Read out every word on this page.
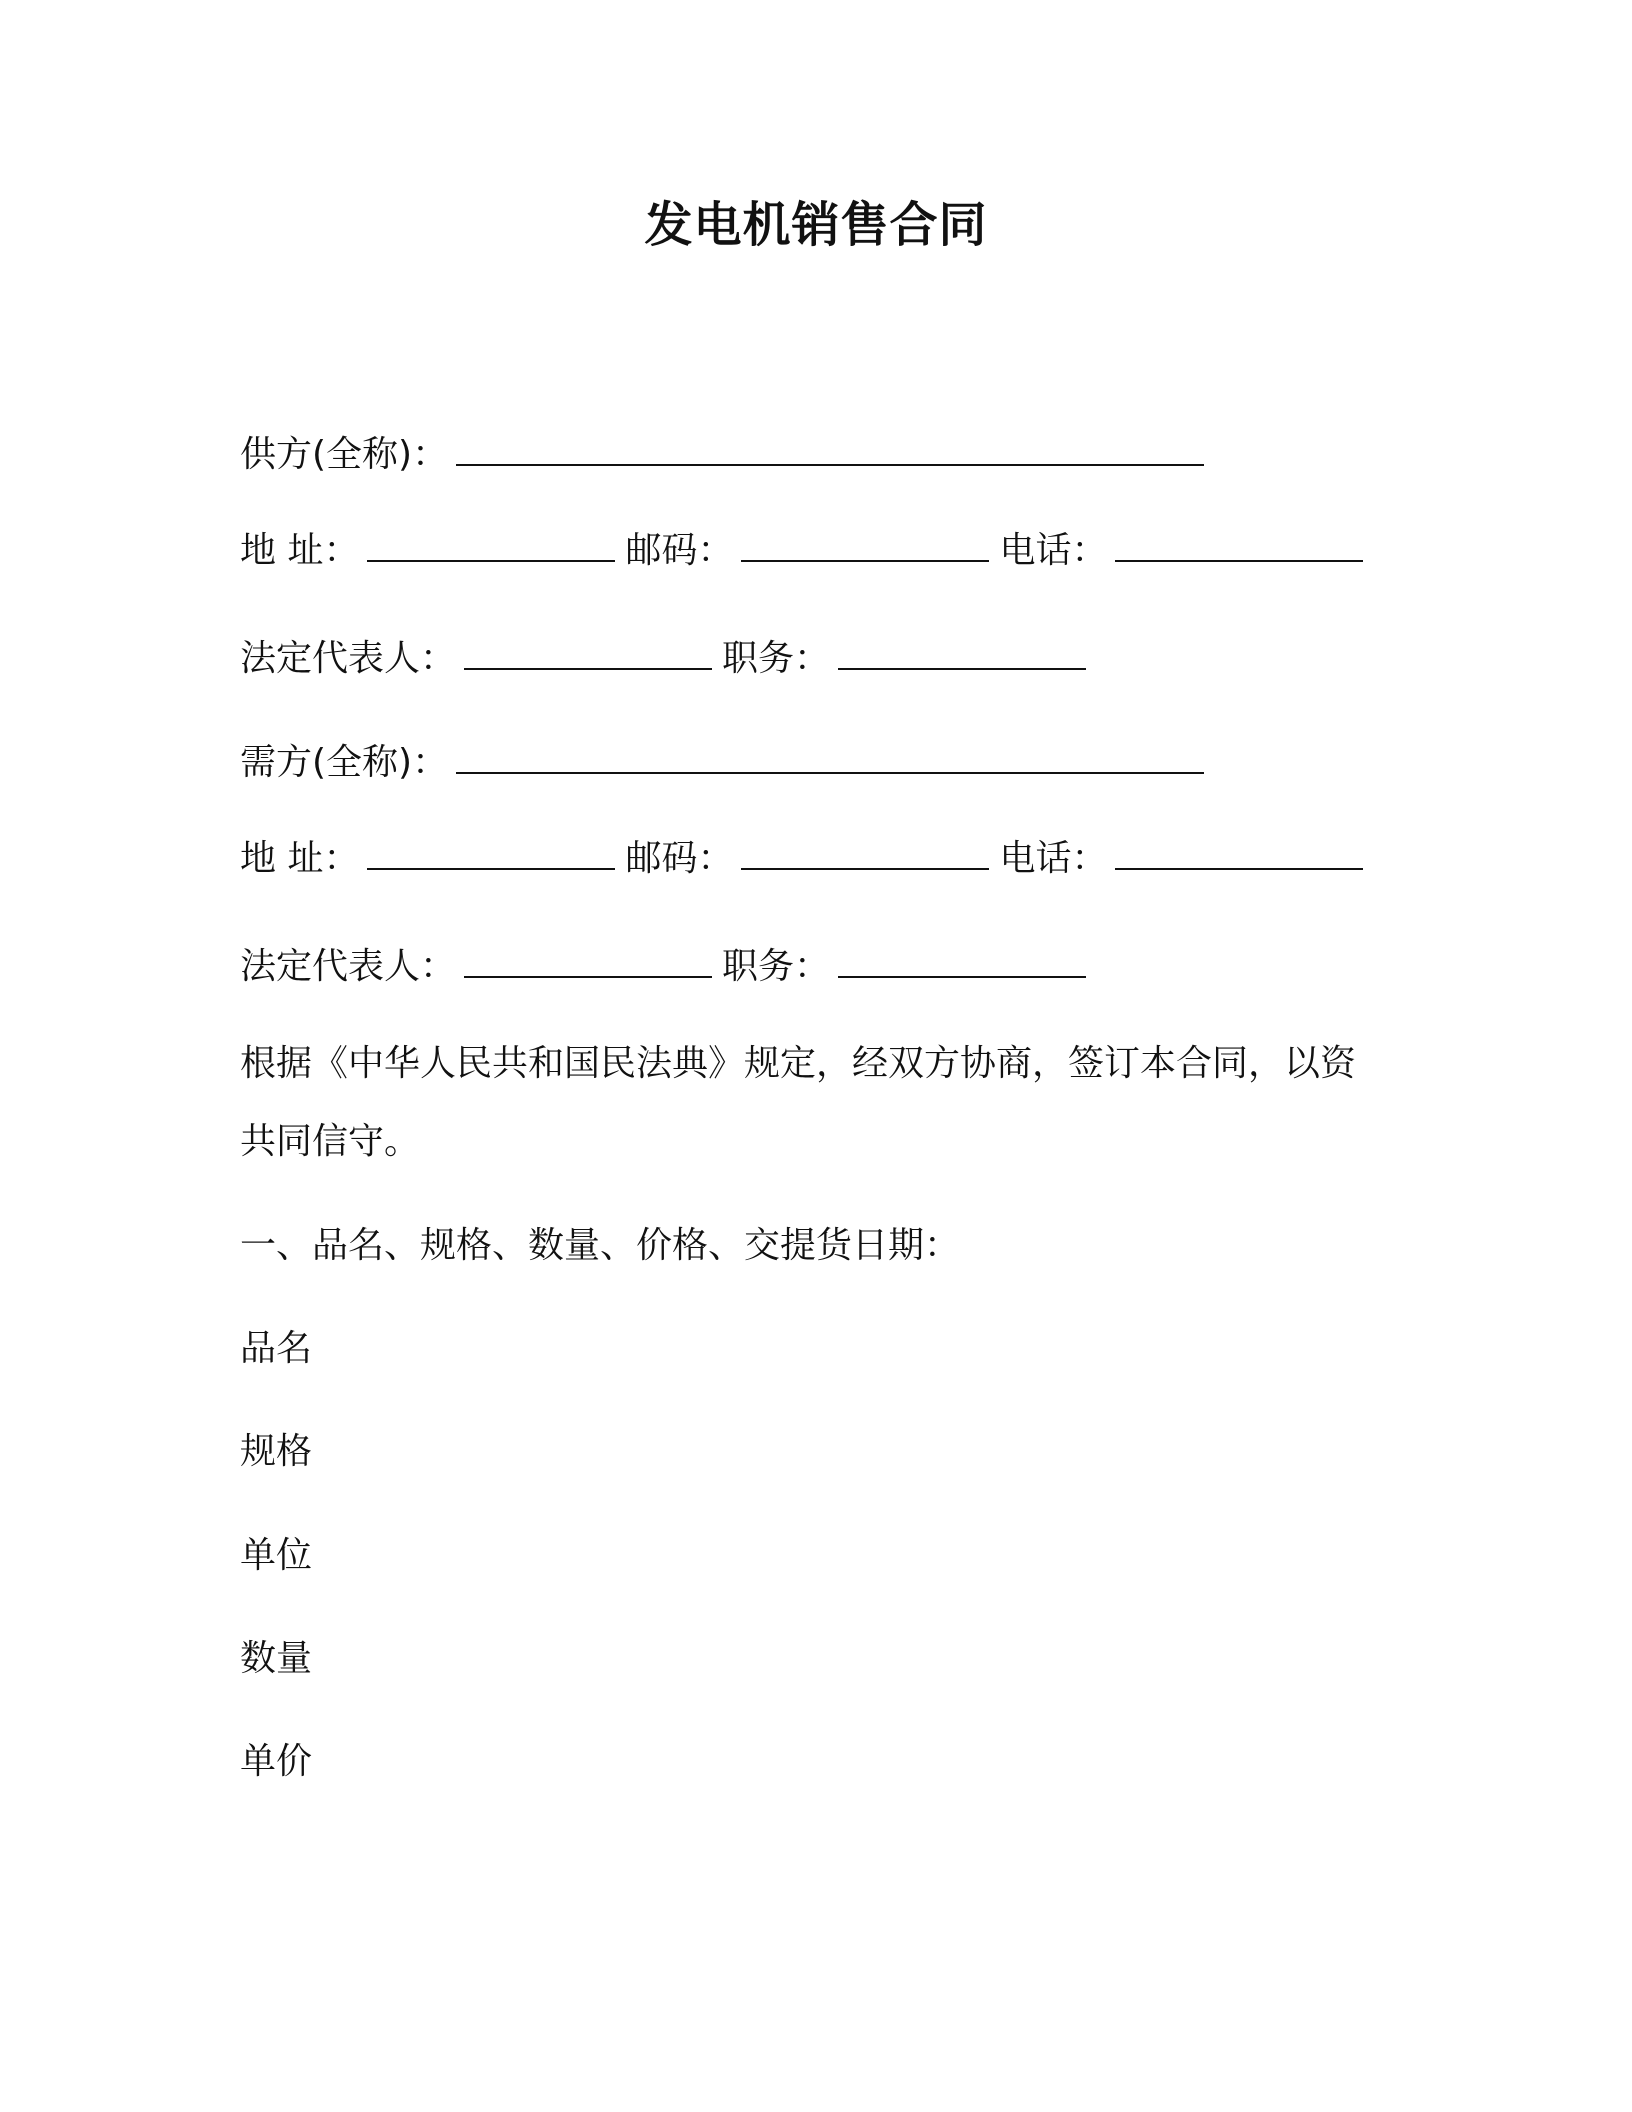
发电机销售合同
供方(全称)：
地 址：	邮码：	电话：
法定代表人：	职务：
需方(全称)：
地 址：	邮码：	电话：
法定代表人：	职务：
根据《中华人民共和国民法典》规定，经双方协商，签订本合同，以资共同信守。
一、品名、规格、数量、价格、交提货日期：
品名
规格
单位
数量
单价
